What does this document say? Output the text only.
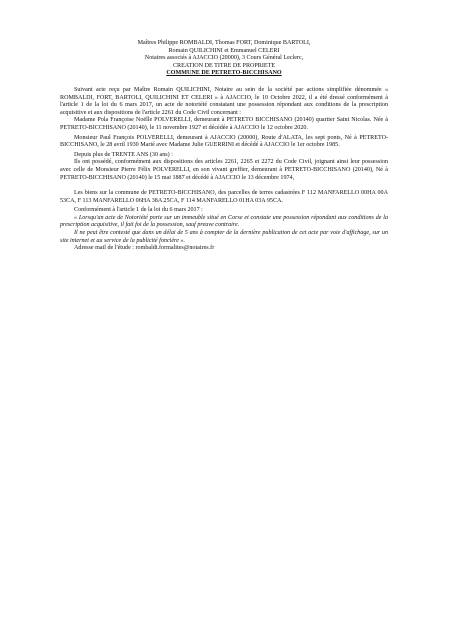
Maîtres Philippe ROMBALDI, Thomas FORT, Dominique BARTOLI,
Romain QUILICHINI et Emmanuel CELERI
Notaires associés à AJACCIO (20000), 3 Cours Général Leclerc,
CREATION DE TITRE DE PROPRIETE
COMMUNE DE PETRETO-BICCHISANO

Suivant acte reçu par Maître Romain QUILICHINI, Notaire au sein de la société par actions simplifiée dénommée « ROMBALDI, FORT, BARTOLI, QUILICHINI ET CELERI » à AJACCIO, le 10 Octobre 2022, il a été dressé conformément à l'article 1 de la loi du 6 mars 2017, un acte de notoriété constatant une possession répondant aux conditions de la prescription acquisitive et aux dispositions de l'article 2261 du Code Civil concernant :

Madame Pola Françoise Noëlle POLVERELLI, demeurant à PETRETO BICCHISANO (20140) quartier Saint Nicolas. Née à PETRETO-BICCHISANO (20140), le 11 novembre 1927 et décédée à AJACCIO le 12 octobre 2020.

Monsieur Paul François POLVERELLI, demeurant à AJACCIO (20000), Route d'ALATA, les sept ponts, Né à PETRETO-BICCHISANO, le 28 avril 1930 Marié avec Madame Julie GUERRINI et décédé à AJACCIO le 1er octobre 1985.

Depuis plus de TRENTE ANS (30 ans) :

Ils ont possédé, conformément aux dispositions des articles 2261, 2265 et 2272 du Code Civil, joignant ainsi leur possession avec celle de Monsieur Pierre Félix POLVERELLI, en son vivant greffier, demeurant à PETRETO-BICCHISANO (20140), Né à PETRETO-BICCHISANO (20140) le 15 mai 1887 et décédé à AJACCIO le 13 décembre 1974,

Les biens sur la commune de PETRETO-BICCHISANO, des parcelles de terres cadastrées F 112 MANFARELLO 00HA 00A 53CA, F 113 MANFARELLO 06HA 38A 25CA, F 114 MANFARELLO 01HA 03A 95CA.

Conformément à l'article 1 de la loi du 6 mars 2017 :

« Lorsqu'un acte de Notoriété porte sur un immeuble situé en Corse et constate une possession répondant aux conditions de la prescription acquisitive, il fait foi de la possession, sauf preuve contraire.

Il ne peut être contesté que dans un délai de 5 ans à compter de la dernière publication de cet acte par voie d'affichage, sur un site internet et au service de la publicité foncière ».

Adresse mail de l'étude : rombaldi.formalites@notaires.fr
